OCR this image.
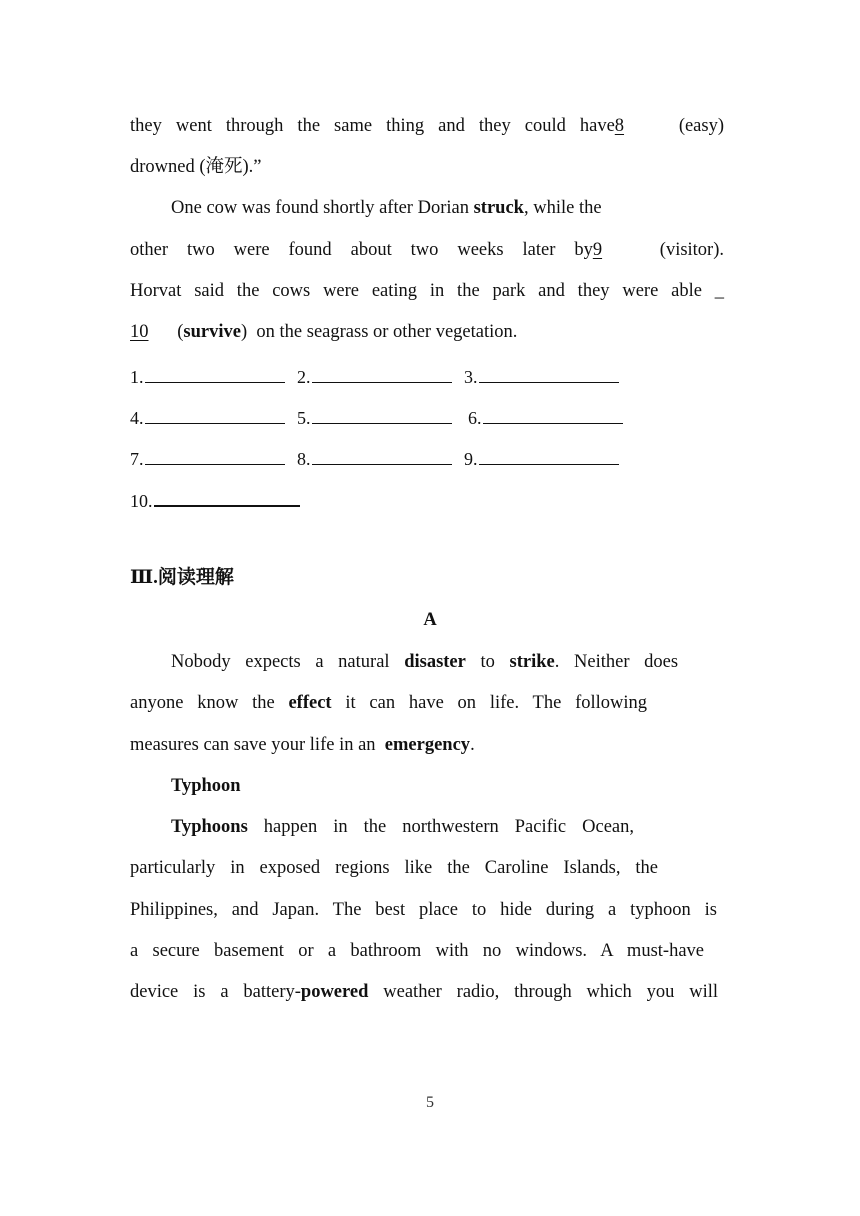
they went through the same thing and they could have8	(easy)
drowned (淹死).”
One cow was found shortly after Dorian struck, while the
other two were found about two weeks later by9	(visitor).
Horvat said the cows were eating in the park and they were able _
10  (survive)  on the seagrass or other vegetation.
1.	2.	3.
4.	5.	6.
7.	8.	9.
10.
Ⅲ.阅读理解
A
Nobody expects a natural disaster to strike. Neither does
anyone know the effect it can have on life. The following
measures can save your life in an emergency.
Typhoon
Typhoons happen in the northwestern Pacific Ocean,
particularly in exposed regions like the Caroline Islands, the
Philippines, and Japan. The best place to hide during a typhoon is
a secure basement or a bathroom with no windows. A must-have
device is a battery-powered weather radio, through which you will
5
